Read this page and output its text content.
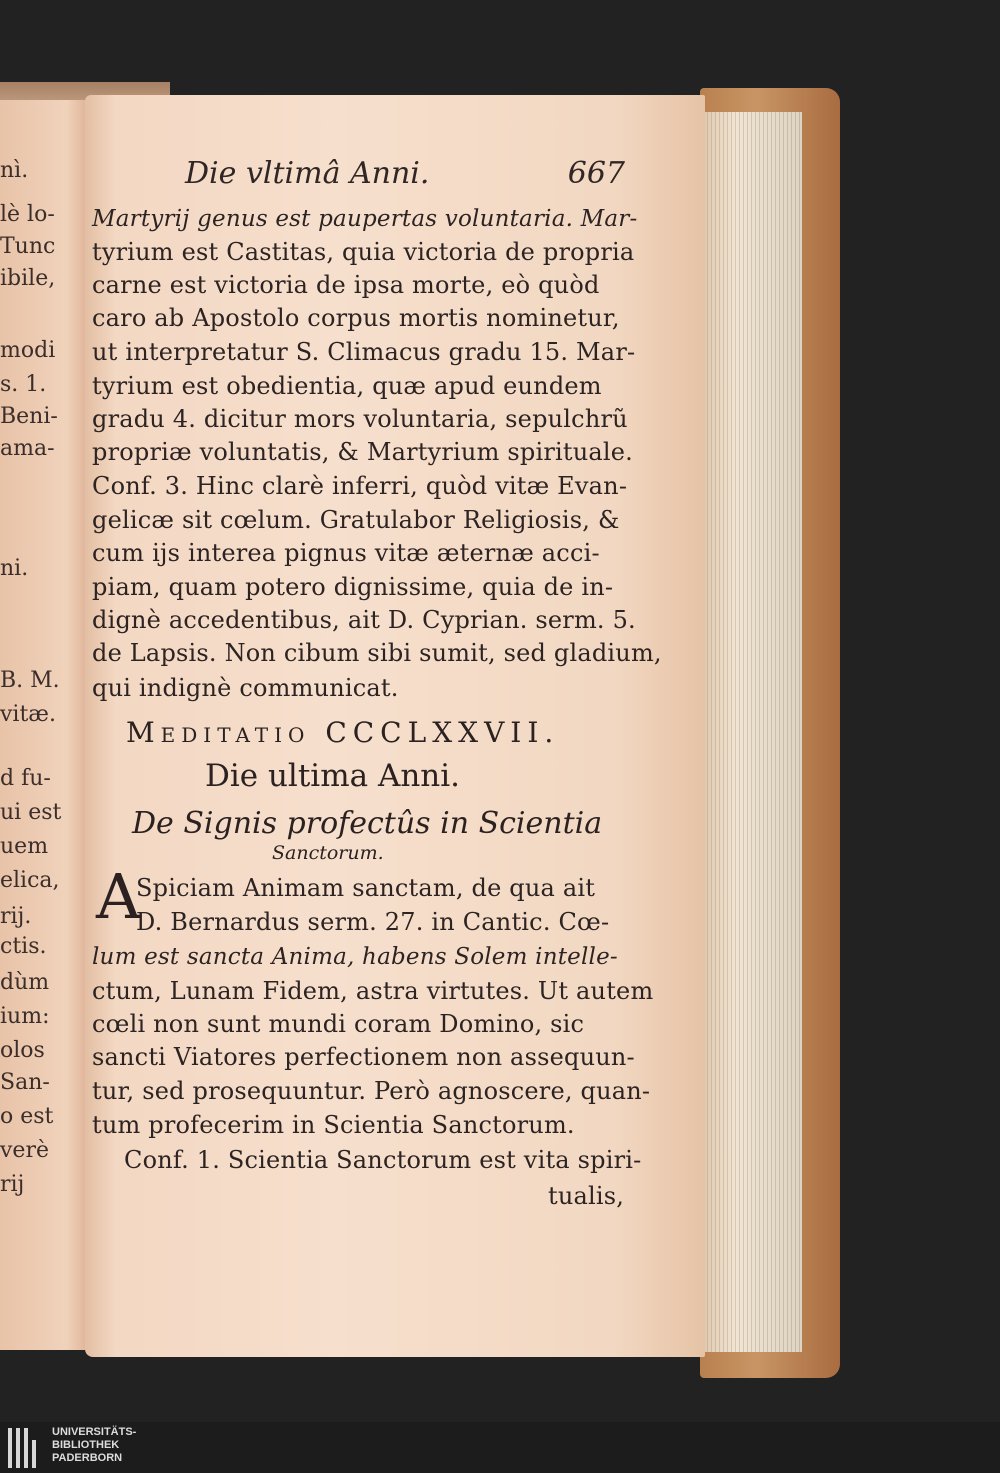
nì.
lè lo-
Tunc
ibile,
modi
s. 1.
Beni-
ama-
ni.
B. M.
vitæ.
d fu-
ui est
uem
elica,
rij.
ctis.
dùm
ium:
olos
San-
o est
verè
rij
Die vltimâ Anni.	667
Martyrij genus est paupertas voluntaria. Mar-
tyrium est Castitas, quia victoria de propria
carne est victoria de ipsa morte, eò quòd
caro ab Apostolo corpus mortis nominetur,
ut interpretatur S. Climacus gradu 15. Mar-
tyrium est obedientia, quæ apud eundem
gradu 4. dicitur mors voluntaria, sepulchrũ
propriæ voluntatis, & Martyrium spirituale.
Conf. 3. Hinc clarè inferri, quòd vitæ Evan-
gelicæ sit cœlum. Gratulabor Religiosis, &
cum ijs interea pignus vitæ æternæ acci-
piam, quam potero dignissime, quia de in-
dignè accedentibus, ait D. Cyprian. serm. 5.
de Lapsis. Non cibum sibi sumit, sed gladium,
qui indignè communicat.
Meditatio CCCLXXVII.
Die ultima Anni.
De Signis profectûs in Scientia
Sanctorum.
A
Spiciam Animam sanctam, de qua ait
D. Bernardus serm. 27. in Cantic. Cœ-
lum est sancta Anima, habens Solem intelle-
ctum, Lunam Fidem, astra virtutes. Ut autem
cœli non sunt mundi coram Domino, sic
sancti Viatores perfectionem non assequun-
tur, sed prosequuntur. Però agnoscere, quan-
tum profecerim in Scientia Sanctorum.
Conf. 1. Scientia Sanctorum est vita spiri-
tualis,
UNIVERSITÄTS-
BIBLIOTHEK
PADERBORN
